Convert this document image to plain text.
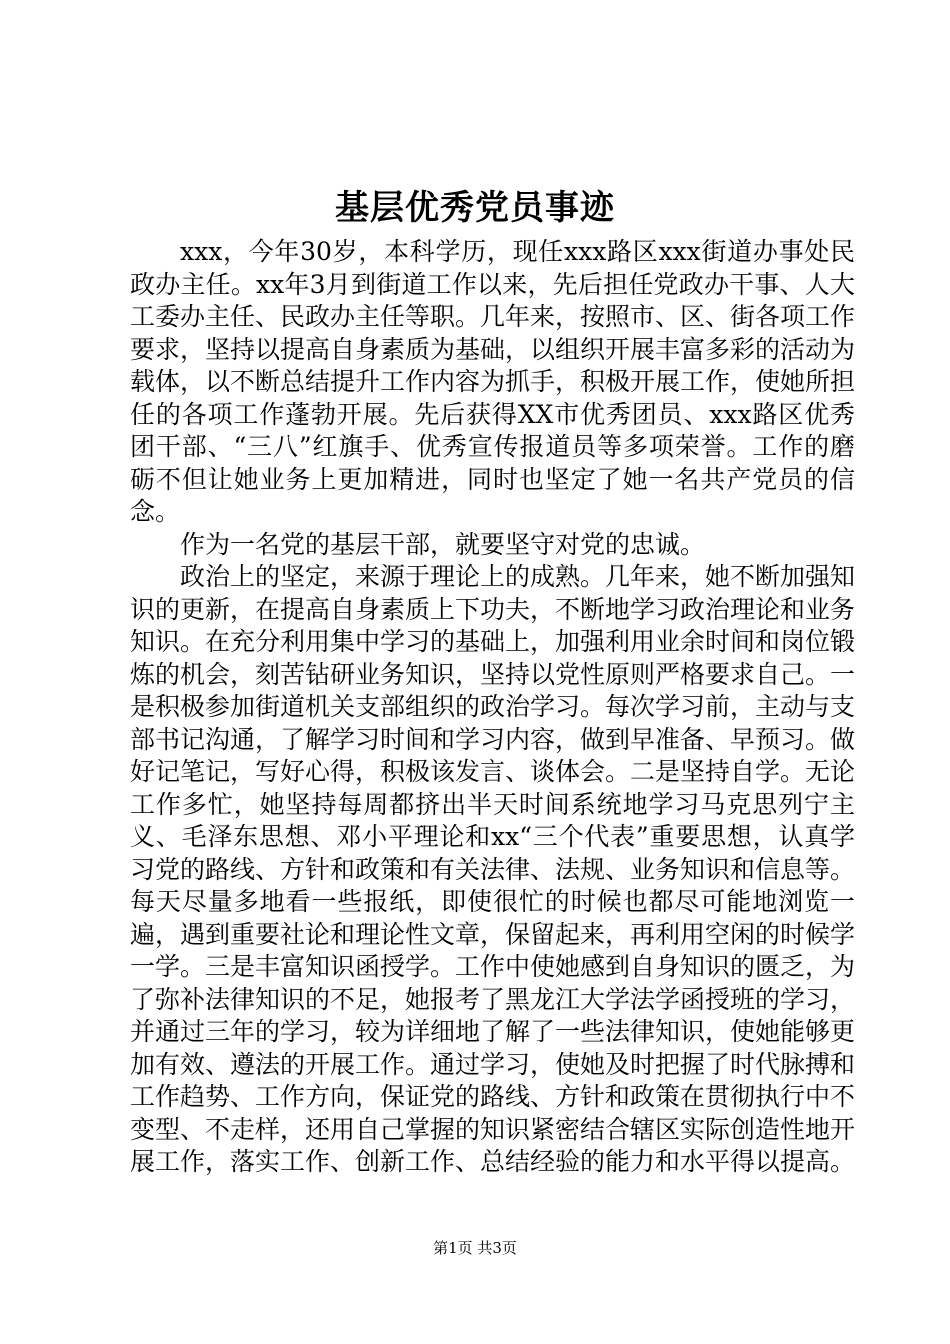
基层优秀党员事迹

xxx，今年30岁，本科学历，现任xxx路区xxx街道办事处民政办主任。xx年3月到街道工作以来，先后担任党政办干事、人大工委办主任、民政办主任等职。几年来，按照市、区、街各项工作要求，坚持以提高自身素质为基础，以组织开展丰富多彩的活动为载体，以不断总结提升工作内容为抓手，积极开展工作，使她所担任的各项工作蓬勃开展。先后获得XX市优秀团员、xxx路区优秀团干部、“三八”红旗手、优秀宣传报道员等多项荣誉。工作的磨砺不但让她业务上更加精进，同时也坚定了她一名共产党员的信念。

作为一名党的基层干部，就要坚守对党的忠诚。

政治上的坚定，来源于理论上的成熟。几年来，她不断加强知识的更新，在提高自身素质上下功夫，不断地学习政治理论和业务知识。在充分利用集中学习的基础上，加强利用业余时间和岗位锻炼的机会，刻苦钻研业务知识，坚持以党性原则严格要求自己。一是积极参加街道机关支部组织的政治学习。每次学习前，主动与支部书记沟通，了解学习时间和学习内容，做到早准备、早预习。做好记笔记，写好心得，积极该发言、谈体会。二是坚持自学。无论工作多忙，她坚持每周都挤出半天时间系统地学习马克思列宁主义、毛泽东思想、邓小平理论和xx“三个代表”重要思想，认真学习党的路线、方针和政策和有关法律、法规、业务知识和信息等。每天尽量多地看一些报纸，即使很忙的时候也都尽可能地浏览一遍，遇到重要社论和理论性文章，保留起来，再利用空闲的时候学一学。三是丰富知识函授学。工作中使她感到自身知识的匮乏，为了弥补法律知识的不足，她报考了黑龙江大学法学函授班的学习，并通过三年的学习，较为详细地了解了一些法律知识，使她能够更加有效、遵法的开展工作。通过学习，使她及时把握了时代脉搏和工作趋势、工作方向，保证党的路线、方针和政策在贯彻执行中不变型、不走样，还用自己掌握的知识紧密结合辖区实际创造性地开展工作，落实工作、创新工作、总结经验的能力和水平得以提高。

第1页 共3页
